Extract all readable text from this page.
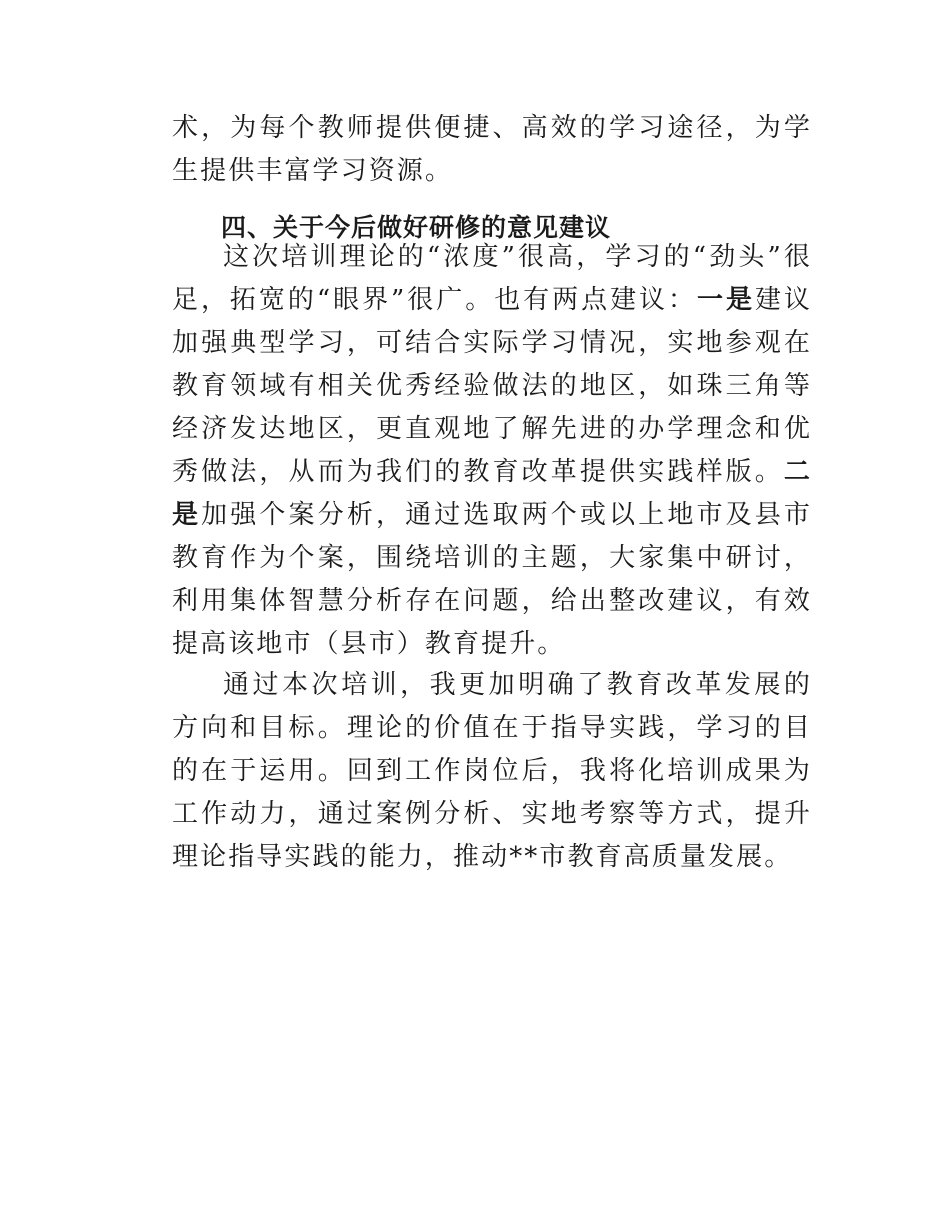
术，为每个教师提供便捷、高效的学习途径，为学生提供丰富学习资源。

四、关于今后做好研修的意见建议

这次培训理论的“浓度”很高，学习的“劲头”很足，拓宽的“眼界”很广。也有两点建议：一是建议加强典型学习，可结合实际学习情况，实地参观在教育领域有相关优秀经验做法的地区，如珠三角等经济发达地区，更直观地了解先进的办学理念和优秀做法，从而为我们的教育改革提供实践样版。二是加强个案分析，通过选取两个或以上地市及县市教育作为个案，围绕培训的主题，大家集中研讨，利用集体智慧分析存在问题，给出整改建议，有效提高该地市（县市）教育提升。

通过本次培训，我更加明确了教育改革发展的方向和目标。理论的价值在于指导实践，学习的目的在于运用。回到工作岗位后，我将化培训成果为工作动力，通过案例分析、实地考察等方式，提升理论指导实践的能力，推动**市教育高质量发展。
